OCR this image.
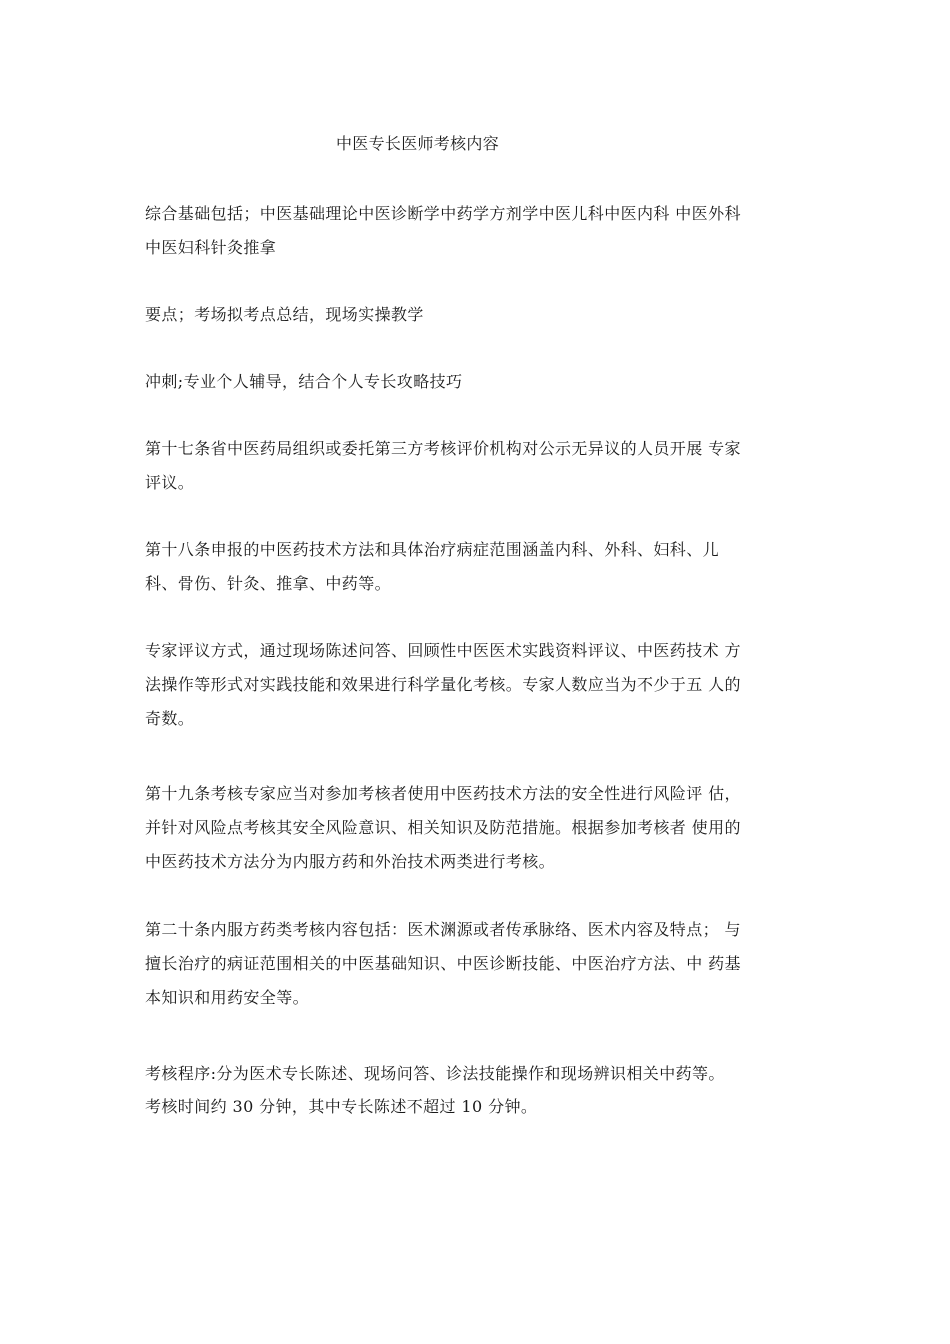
中医专长医师考核内容
综合基础包括；中医基础理论中医诊断学中药学方剂学中医儿科中医内科 中医外科
中医妇科针灸推拿
要点；考场拟考点总结，现场实操教学
冲刺;专业个人辅导，结合个人专长攻略技巧
第十七条省中医药局组织或委托第三方考核评价机构对公示无异议的人员开展 专家
评议。
第十八条申报的中医药技术方法和具体治疗病症范围涵盖内科、外科、妇科、儿
科、骨伤、针灸、推拿、中药等。
专家评议方式，通过现场陈述问答、回顾性中医医术实践资料评议、中医药技术 方
法操作等形式对实践技能和效果进行科学量化考核。专家人数应当为不少于五 人的
奇数。
第十九条考核专家应当对参加考核者使用中医药技术方法的安全性进行风险评 估，
并针对风险点考核其安全风险意识、相关知识及防范措施。根据参加考核者 使用的
中医药技术方法分为内服方药和外治技术两类进行考核。
第二十条内服方药类考核内容包括：医术渊源或者传承脉络、医术内容及特点； 与
擅长治疗的病证范围相关的中医基础知识、中医诊断技能、中医治疗方法、中 药基
本知识和用药安全等。
考核程序:分为医术专长陈述、现场问答、诊法技能操作和现场辨识相关中药等。
考核时间约 30 分钟，其中专长陈述不超过 10 分钟。
